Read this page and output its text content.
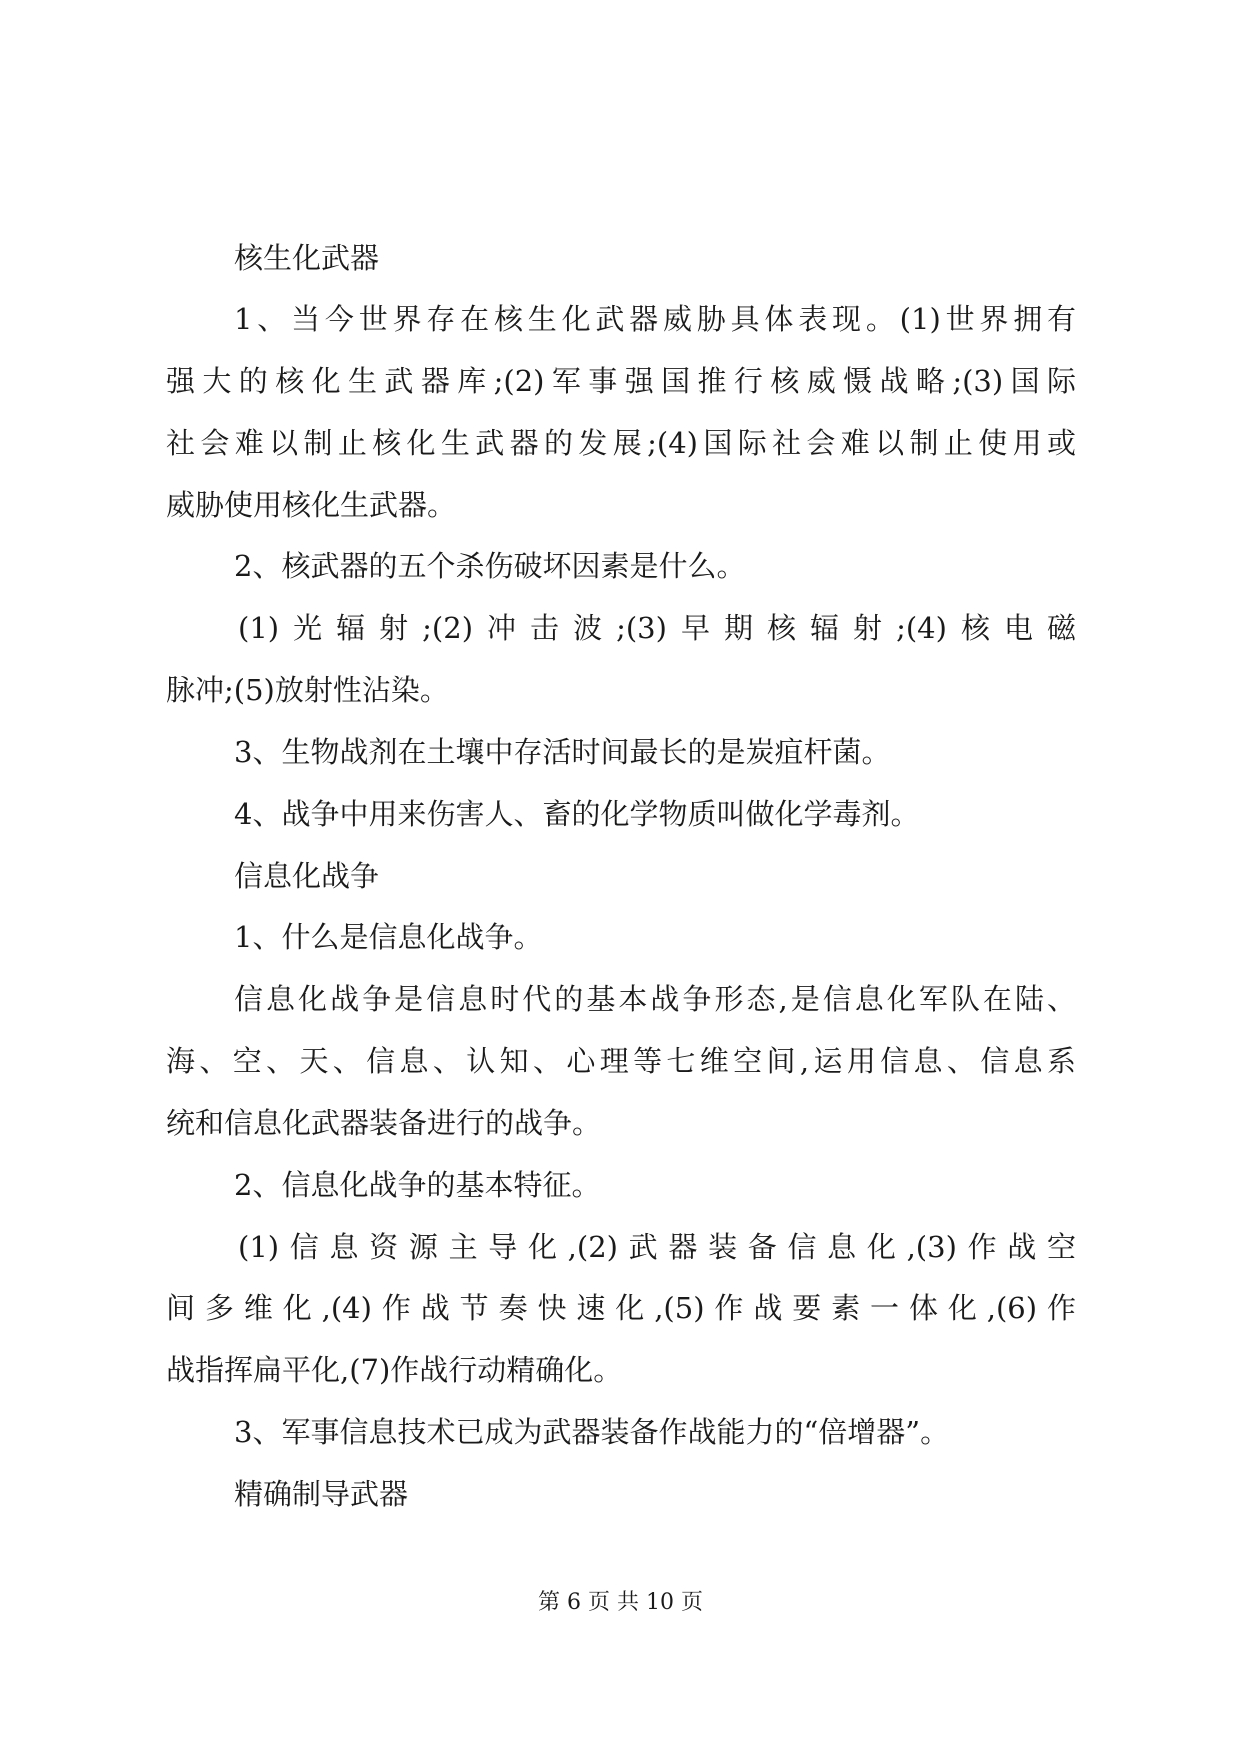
核生化武器
1、当今世界存在核生化武器威胁具体表现。(1)世界拥有
强大的核化生武器库;(2)军事强国推行核威慑战略;(3)国际
社会难以制止核化生武器的发展;(4)国际社会难以制止使用或
威胁使用核化生武器。
2、核武器的五个杀伤破坏因素是什么。
(1)光辐射;(2)冲击波;(3)早期核辐射;(4)核电磁
脉冲;(5)放射性沾染。
3、生物战剂在土壤中存活时间最长的是炭疽杆菌。
4、战争中用来伤害人、畜的化学物质叫做化学毒剂。
信息化战争
1、什么是信息化战争。
信息化战争是信息时代的基本战争形态,是信息化军队在陆、
海、空、天、信息、认知、心理等七维空间,运用信息、信息系
统和信息化武器装备进行的战争。
2、信息化战争的基本特征。
(1)信息资源主导化,(2)武器装备信息化,(3)作战空
间多维化,(4)作战节奏快速化,(5)作战要素一体化,(6)作
战指挥扁平化,(7)作战行动精确化。
3、军事信息技术已成为武器装备作战能力的“倍增器”。
精确制导武器
第 6 页 共 10 页
